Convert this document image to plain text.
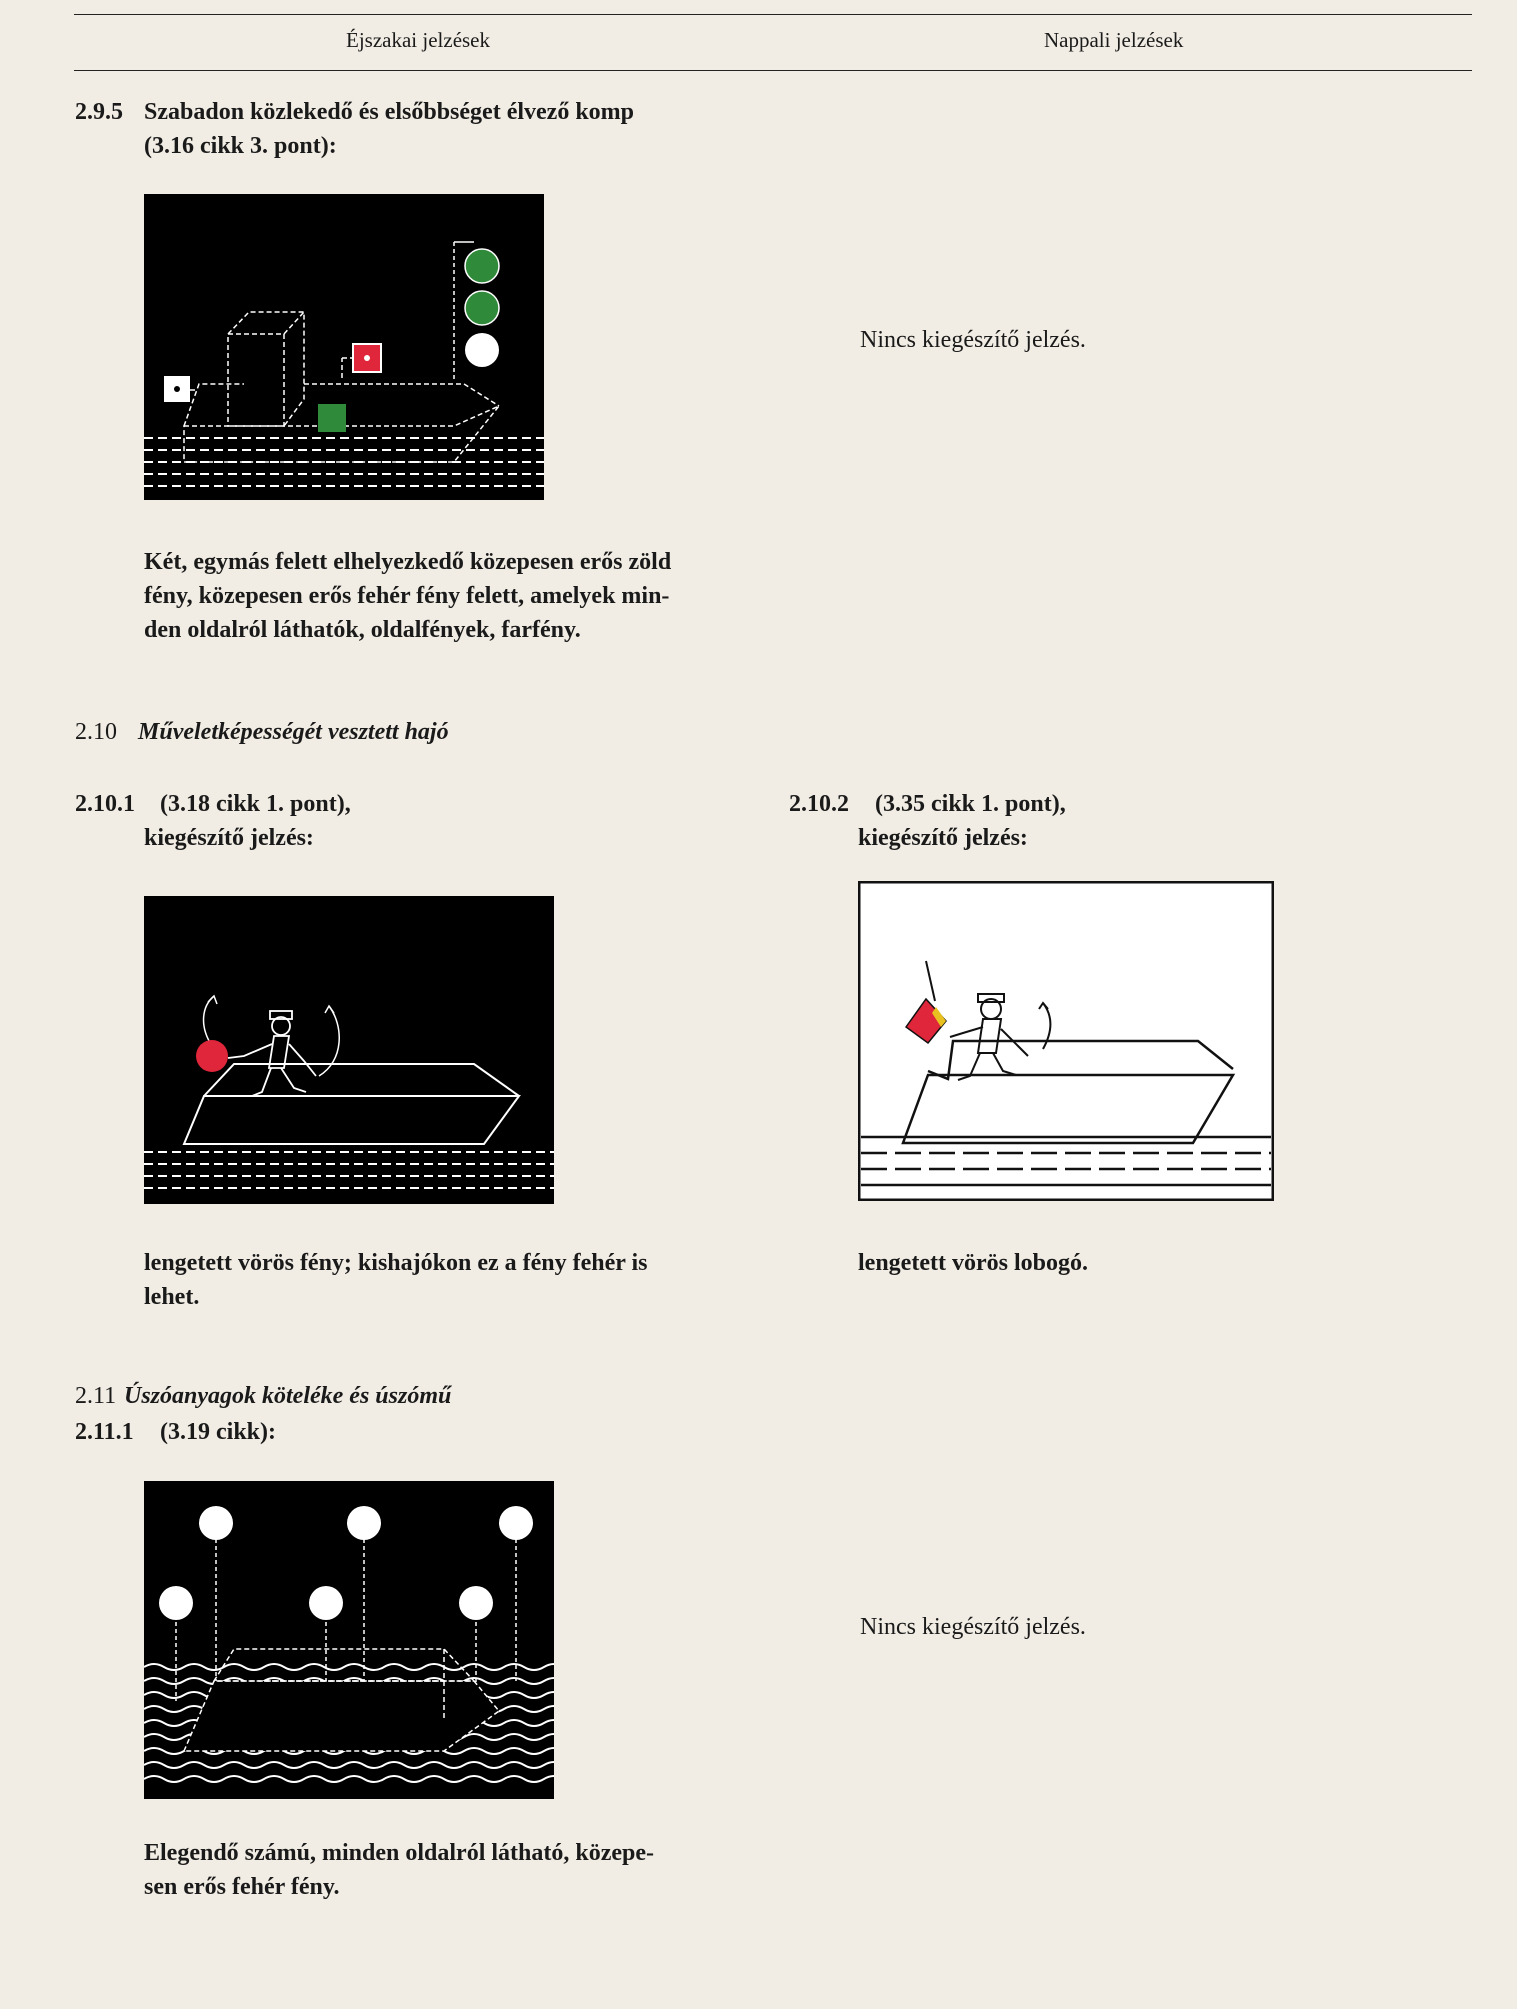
Éjszakai jelzések	Nappali jelzések
2.9.5 Szabadon közlekedő és elsőbbséget élvező komp
(3.16 cikk 3. pont):
Nincs kiegészítő jelzés.
Két, egymás felett elhelyezkedő közepesen erős zöld
fény, közepesen erős fehér fény felett, amelyek min-
den oldalról láthatók, oldalfények, farfény.
2.10 Műveletképességét vesztett hajó
2.10.1 (3.18 cikk 1. pont),
kiegészítő jelzés:
2.10.2 (3.35 cikk 1. pont),
kiegészítő jelzés:
lengetett vörös fény; kishajókon ez a fény fehér is
lehet.
lengetett vörös lobogó.
2.11 Úszóanyagok köteléke és úszómű
2.11.1 (3.19 cikk):
Nincs kiegészítő jelzés.
Elegendő számú, minden oldalról látható, közepe-
sen erős fehér fény.
